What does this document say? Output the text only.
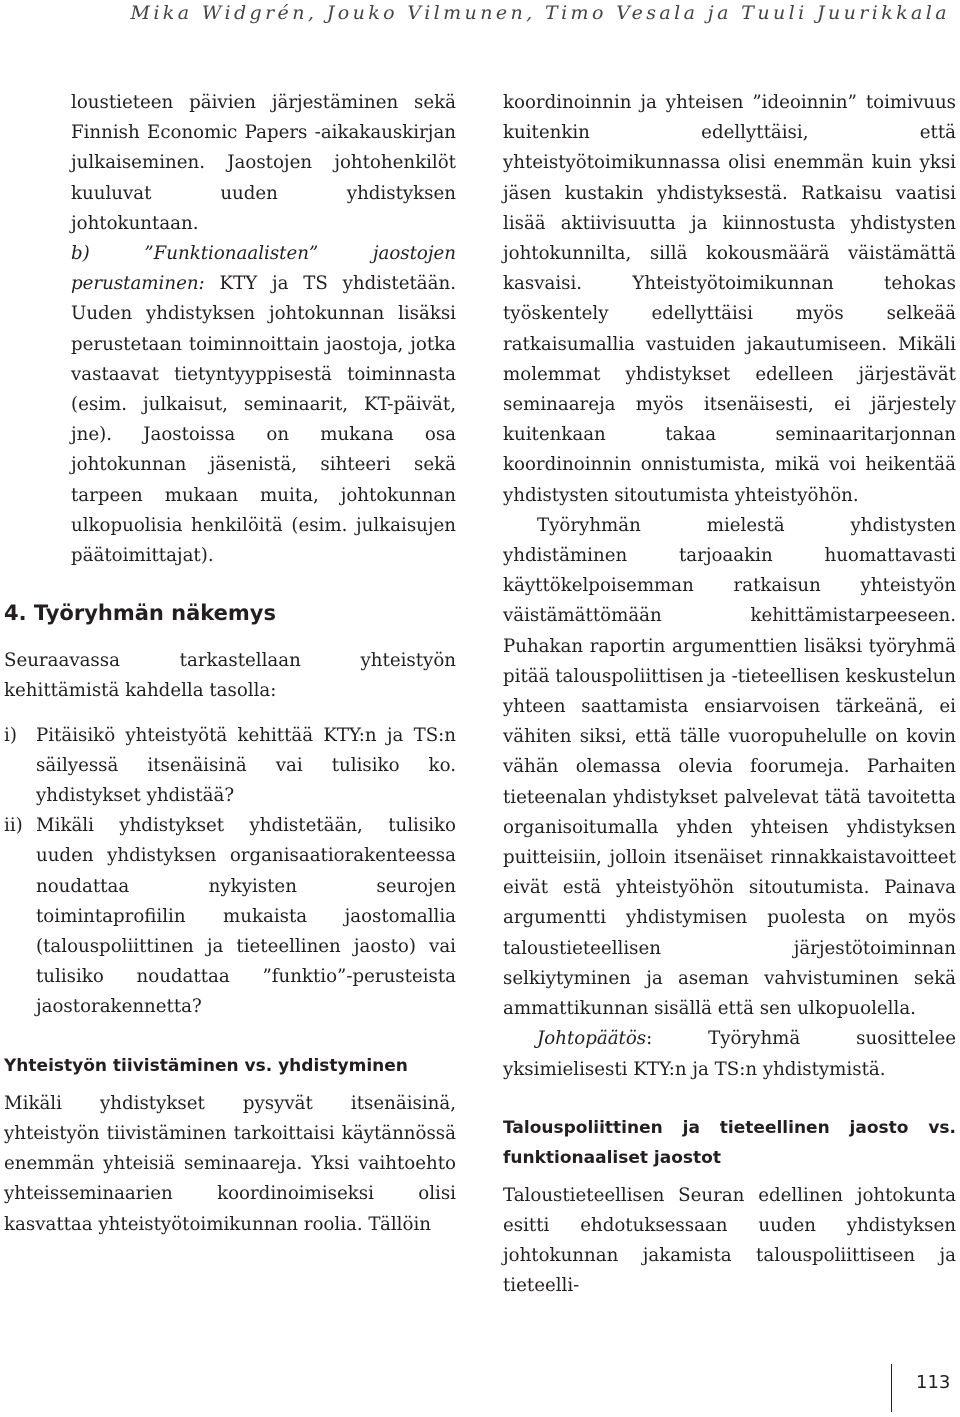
Mika Widgrén, Jouko Vilmunen, Timo Vesala ja Tuuli Juurikkala

loustieteen päivien järjestäminen sekä Finnish Economic Papers -aikakauskirjan julkaiseminen. Jaostojen johtohenkilöt kuuluvat uuden yhdistyksen johtokuntaan.

b) ”Funktionaalisten” jaostojen perustaminen: KTY ja TS yhdistetään. Uuden yhdistyksen johtokunnan lisäksi perustetaan toiminnoittain jaostoja, jotka vastaavat tietyntyyppisestä toiminnasta (esim. julkaisut, seminaarit, KT-päivät, jne). Jaostoissa on mukana osa johtokunnan jäsenistä, sihteeri sekä tarpeen mukaan muita, johtokunnan ulkopuolisia henkilöitä (esim. julkaisujen päätoimittajat).

4. Työryhmän näkemys

Seuraavassa tarkastellaan yhteistyön kehittämistä kahdella tasolla:

i)	Pitäisikö yhteistyötä kehittää KTY:n ja TS:n säilyessä itsenäisinä vai tulisiko ko. yhdistykset yhdistää?
ii) Mikäli yhdistykset yhdistetään, tulisiko uuden yhdistyksen organisaatiorakenteessa noudattaa nykyisten seurojen toimintaprofiilin mukaista jaostomallia (talouspoliittinen ja tieteellinen jaosto) vai tulisiko noudattaa ”funktio”-perusteista jaostorakennetta?

Yhteistyön tiivistäminen vs. yhdistyminen

Mikäli yhdistykset pysyvät itsenäisinä, yhteistyön tiivistäminen tarkoittaisi käytännössä enemmän yhteisiä seminaareja. Yksi vaihtoehto yhteisseminaarien koordinoimiseksi olisi kasvattaa yhteistyötoimikunnan roolia. Tällöin

koordinoinnin ja yhteisen ”ideoinnin” toimivuus kuitenkin edellyttäisi, että yhteistyötoimikunnassa olisi enemmän kuin yksi jäsen kustakin yhdistyksestä. Ratkaisu vaatisi lisää aktiivisuutta ja kiinnostusta yhdistysten johtokunnilta, sillä kokousmäärä väistämättä kasvaisi. Yhteistyötoimikunnan tehokas työskentely edellyttäisi myös selkeää ratkaisumallia vastuiden jakautumiseen. Mikäli molemmat yhdistykset edelleen järjestävät seminaareja myös itsenäisesti, ei järjestely kuitenkaan takaa seminaaritarjonnan koordinoinnin onnistumista, mikä voi heikentää yhdistysten sitoutumista yhteistyöhön.

Työryhmän mielestä yhdistysten yhdistäminen tarjoaakin huomattavasti käyttökelpoisemman ratkaisun yhteistyön väistämättömään kehittämistarpeeseen. Puhakan raportin argumenttien lisäksi työryhmä pitää talouspoliittisen ja -tieteellisen keskustelun yhteen saattamista ensiarvoisen tärkeänä, ei vähiten siksi, että tälle vuoropuhelulle on kovin vähän olemassa olevia foorumeja. Parhaiten tieteenalan yhdistykset palvelevat tätä tavoitetta organisoitumalla yhden yhteisen yhdistyksen puitteisiin, jolloin itsenäiset rinnakkaistavoitteet eivät estä yhteistyöhön sitoutumista. Painava argumentti yhdistymisen puolesta on myös taloustieteellisen järjestötoiminnan selkiytyminen ja aseman vahvistuminen sekä ammattikunnan sisällä että sen ulkopuolella.

Johtopäätös: Työryhmä suosittelee yksimielisesti KTY:n ja TS:n yhdistymistä.

Talouspoliittinen ja tieteellinen jaosto vs. funktionaaliset jaostot

Taloustieteellisen Seuran edellinen johtokunta esitti ehdotuksessaan uuden yhdistyksen johtokunnan jakamista talouspoliittiseen ja tieteelli-

113
